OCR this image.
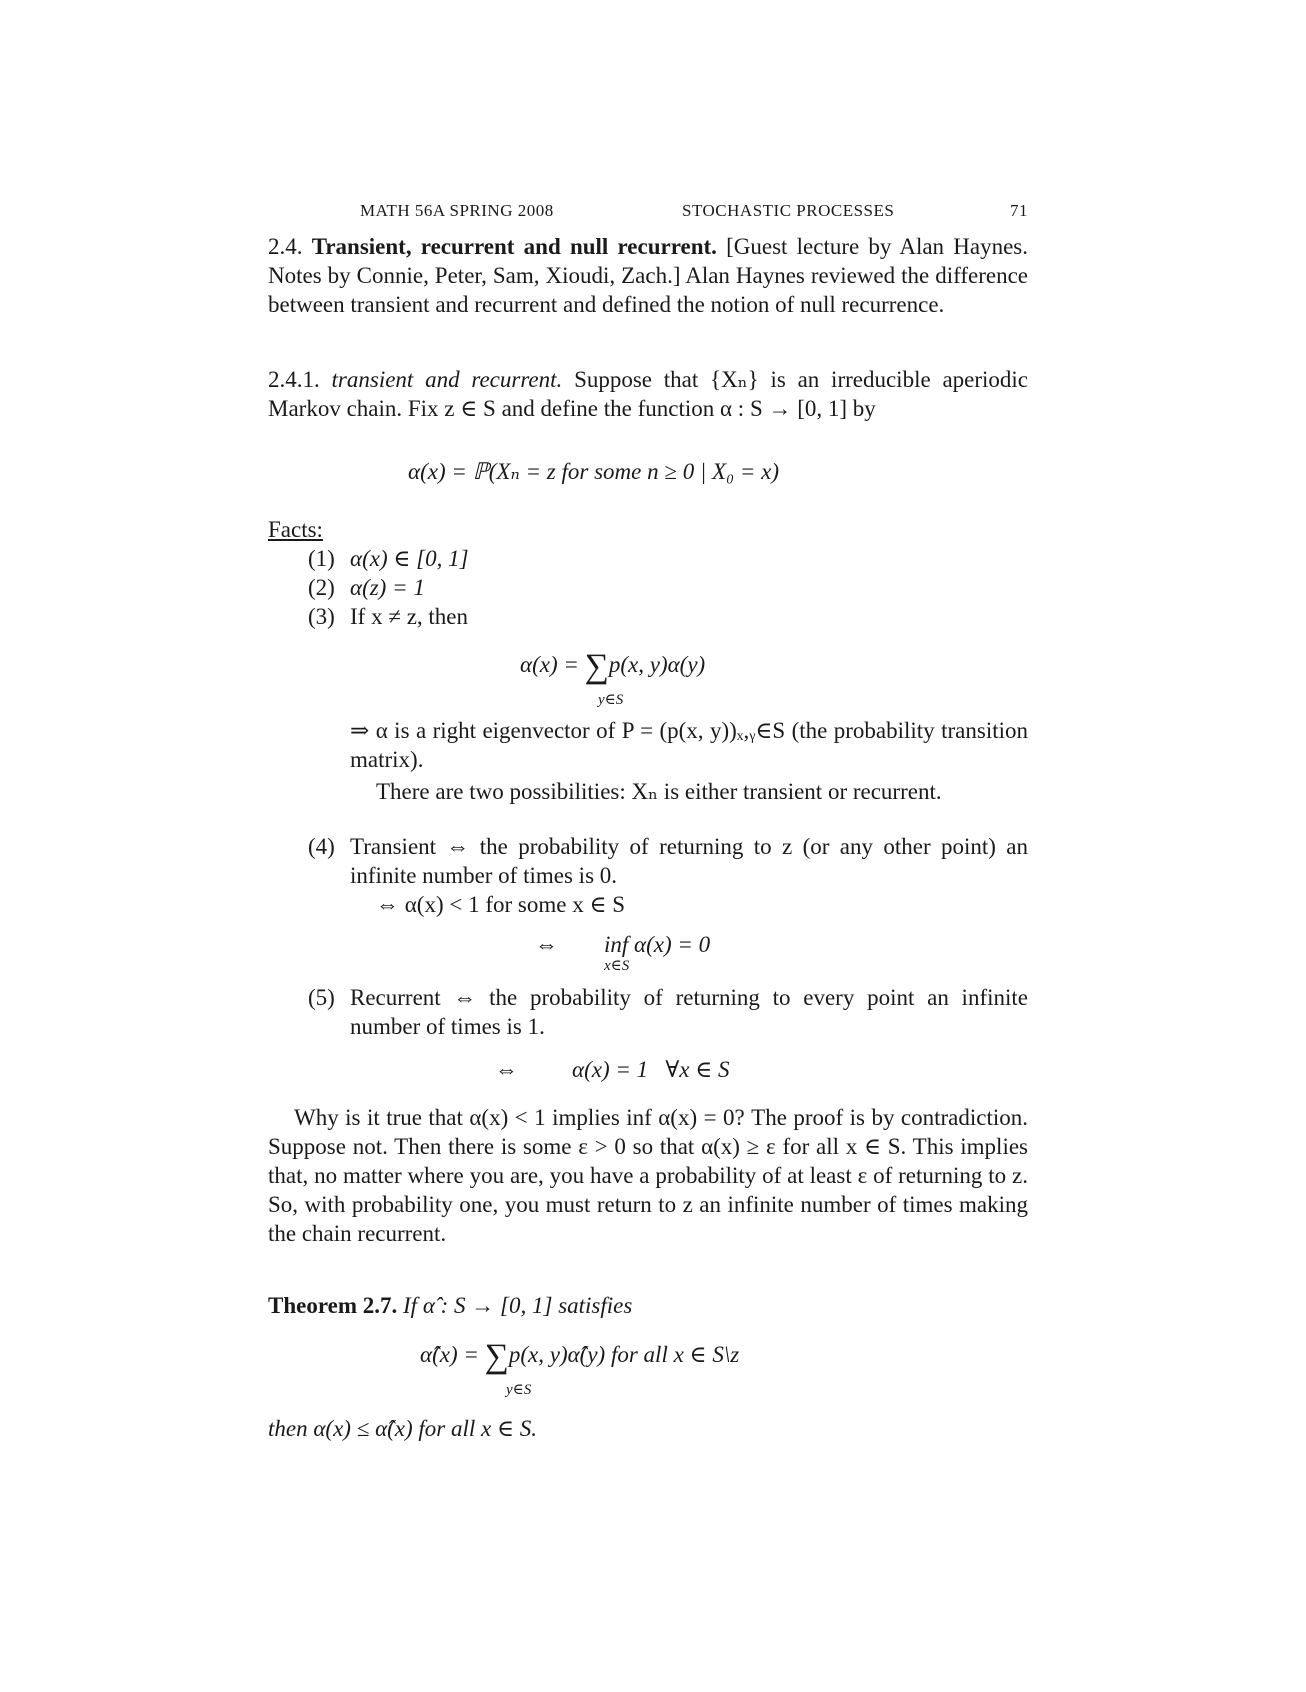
MATH 56A SPRING 2008	STOCHASTIC PROCESSES	71

2.4. Transient, recurrent and null recurrent. [Guest lecture by Alan Haynes. Notes by Connie, Peter, Sam, Xioudi, Zach.] Alan Haynes reviewed the difference between transient and recurrent and defined the notion of null recurrence.

2.4.1. transient and recurrent. Suppose that {Xₙ} is an irreducible aperiodic Markov chain. Fix z ∈ S and define the function α : S → [0, 1] by

α(x) = ℙ(Xₙ = z for some n ≥ 0 | X₀ = x)
Facts:
(1) α(x) ∈ [0, 1]
(2) α(z) = 1
(3) If x ≠ z, then
α(x) = ∑p(x, y)α(y)
y∈S
⇒ α is a right eigenvector of P = (p(x, y))ₓ,ᵧ∈S (the probability transition matrix).
There are two possibilities: Xₙ is either transient or recurrent.
(4) Transient ⇔ the probability of returning to z (or any other point) an infinite number of times is 0.
⇔ α(x) < 1 for some x ∈ S
⇔ inf α(x) = 0
x∈S
(5) Recurrent ⇔ the probability of returning to every point an infinite number of times is 1.
⇔ α(x) = 1   ∀x ∈ S
Why is it true that α(x) < 1 implies inf α(x) = 0? The proof is by contradiction. Suppose not. Then there is some ε > 0 so that α(x) ≥ ε for all x ∈ S. This implies that, no matter where you are, you have a probability of at least ε of returning to z. So, with probability one, you must return to z an infinite number of times making the chain recurrent.
Theorem 2.7. If α̂ : S → [0, 1] satisfies
α̂(x) = ∑p(x, y)α̂(y) for all x ∈ S\z
y∈S
then α(x) ≤ α̂(x) for all x ∈ S.
